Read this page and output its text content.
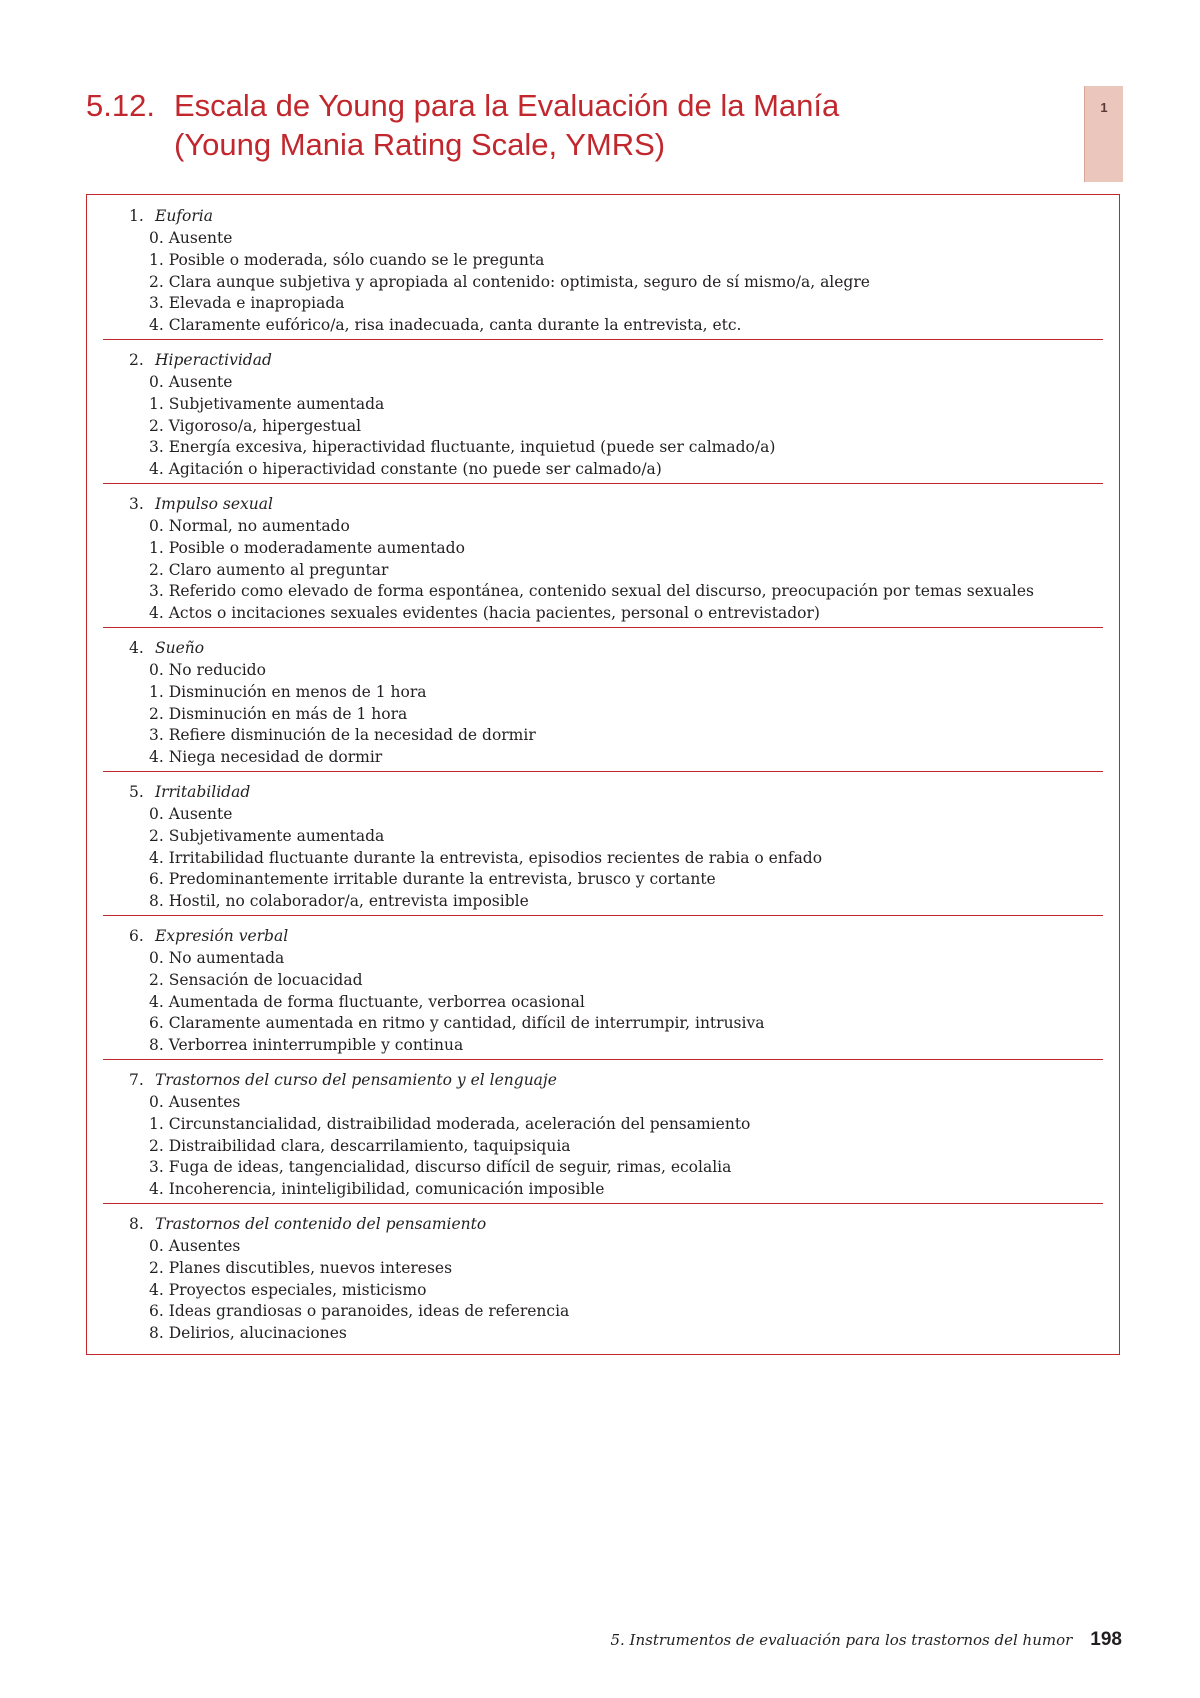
5.12. Escala de Young para la Evaluación de la Manía
(Young Mania Rating Scale, YMRS)
1
1. Euforia
0. Ausente
1. Posible o moderada, sólo cuando se le pregunta
2. Clara aunque subjetiva y apropiada al contenido: optimista, seguro de sí mismo/a, alegre
3. Elevada e inapropiada
4. Claramente eufórico/a, risa inadecuada, canta durante la entrevista, etc.
2. Hiperactividad
0. Ausente
1. Subjetivamente aumentada
2. Vigoroso/a, hipergestual
3. Energía excesiva, hiperactividad fluctuante, inquietud (puede ser calmado/a)
4. Agitación o hiperactividad constante (no puede ser calmado/a)
3. Impulso sexual
0. Normal, no aumentado
1. Posible o moderadamente aumentado
2. Claro aumento al preguntar
3. Referido como elevado de forma espontánea, contenido sexual del discurso, preocupación por temas sexuales
4. Actos o incitaciones sexuales evidentes (hacia pacientes, personal o entrevistador)
4. Sueño
0. No reducido
1. Disminución en menos de 1 hora
2. Disminución en más de 1 hora
3. Refiere disminución de la necesidad de dormir
4. Niega necesidad de dormir
5. Irritabilidad
0. Ausente
2. Subjetivamente aumentada
4. Irritabilidad fluctuante durante la entrevista, episodios recientes de rabia o enfado
6. Predominantemente irritable durante la entrevista, brusco y cortante
8. Hostil, no colaborador/a, entrevista imposible
6. Expresión verbal
0. No aumentada
2. Sensación de locuacidad
4. Aumentada de forma fluctuante, verborrea ocasional
6. Claramente aumentada en ritmo y cantidad, difícil de interrumpir, intrusiva
8. Verborrea ininterrumpible y continua
7. Trastornos del curso del pensamiento y el lenguaje
0. Ausentes
1. Circunstancialidad, distraibilidad moderada, aceleración del pensamiento
2. Distraibilidad clara, descarrilamiento, taquipsiquia
3. Fuga de ideas, tangencialidad, discurso difícil de seguir, rimas, ecolalia
4. Incoherencia, ininteligibilidad, comunicación imposible
8. Trastornos del contenido del pensamiento
0. Ausentes
2. Planes discutibles, nuevos intereses
4. Proyectos especiales, misticismo
6. Ideas grandiosas o paranoides, ideas de referencia
8. Delirios, alucinaciones
5. Instrumentos de evaluación para los trastornos del humor 198
